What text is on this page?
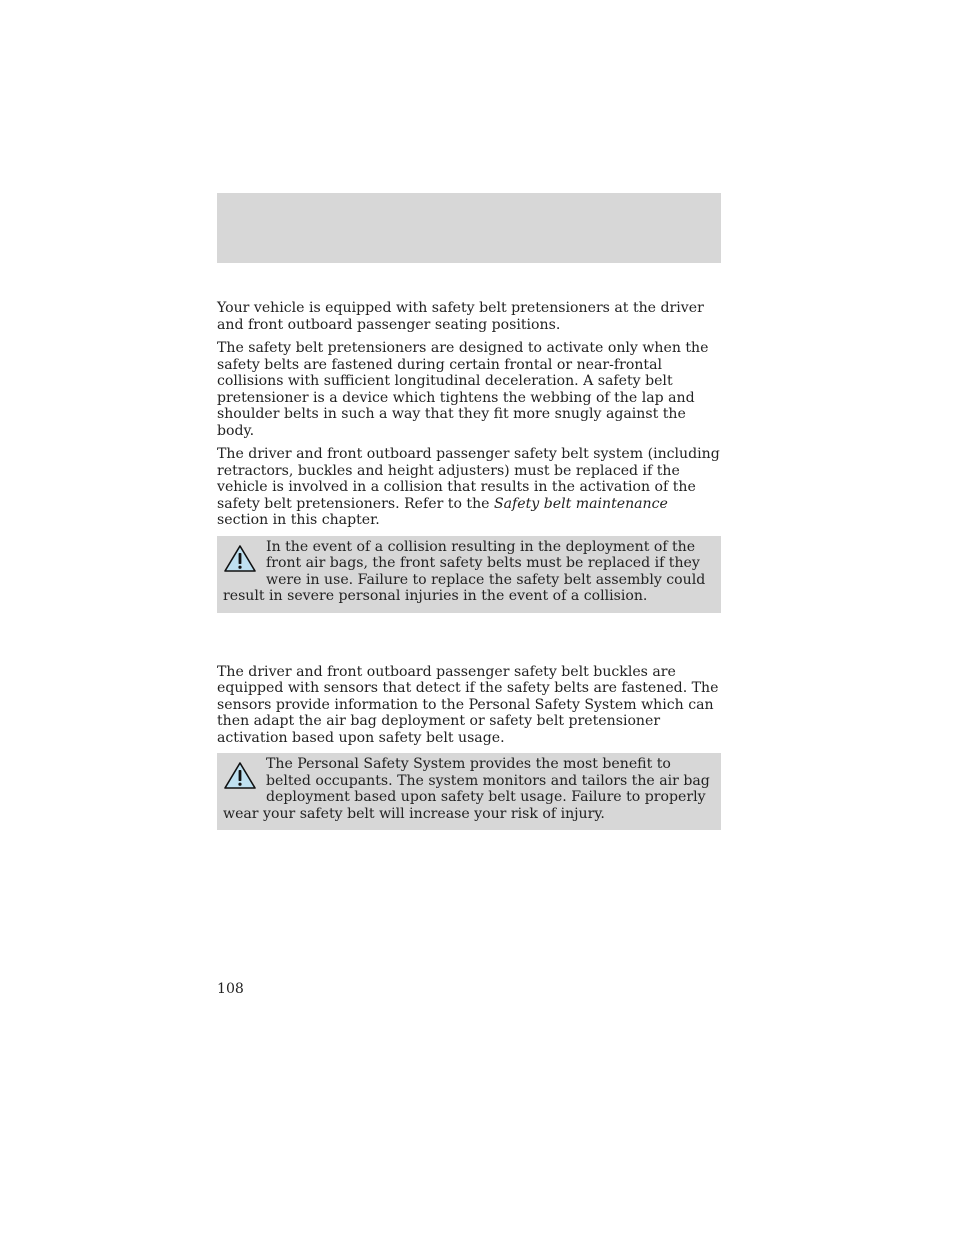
Your vehicle is equipped with safety belt pretensioners at the driver and front outboard passenger seating positions.

The safety belt pretensioners are designed to activate only when the safety belts are fastened during certain frontal or near-frontal collisions with sufficient longitudinal deceleration. A safety belt pretensioner is a device which tightens the webbing of the lap and shoulder belts in such a way that they fit more snugly against the body.

The driver and front outboard passenger safety belt system (including retractors, buckles and height adjusters) must be replaced if the vehicle is involved in a collision that results in the activation of the safety belt pretensioners. Refer to the Safety belt maintenance section in this chapter.

In the event of a collision resulting in the deployment of the front air bags, the front safety belts must be replaced if they were in use. Failure to replace the safety belt assembly could result in severe personal injuries in the event of a collision.

The driver and front outboard passenger safety belt buckles are equipped with sensors that detect if the safety belts are fastened. The sensors provide information to the Personal Safety System which can then adapt the air bag deployment or safety belt pretensioner activation based upon safety belt usage.

The Personal Safety System provides the most benefit to belted occupants. The system monitors and tailors the air bag deployment based upon safety belt usage. Failure to properly wear your safety belt will increase your risk of injury.
108
